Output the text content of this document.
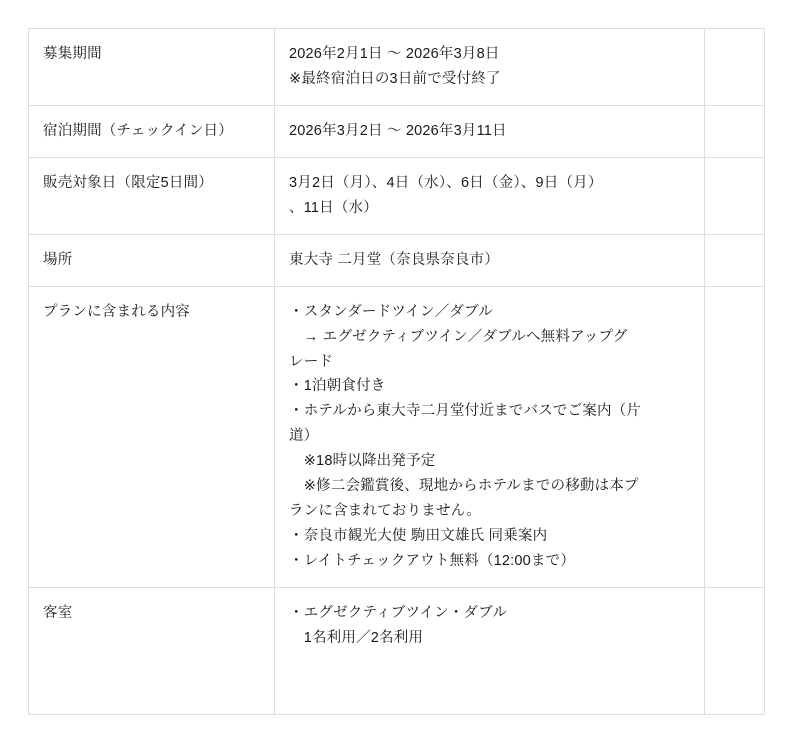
募集期間	2026年2月1日 〜 2026年3月8日
※最終宿泊日の3日前で受付終了	

宿泊期間（チェックイン日）	2026年3月2日 〜 2026年3月11日	

販売対象日（限定5日間）	3月2日（月）、4日（水）、6日（金）、9日（月）
、11日（水）	

場所	東大寺 二月堂（奈良県奈良市）	

プランに含まれる内容	・スタンダードツイン／ダブル
　→ エグゼクティブツイン／ダブルへ無料アップグ
レード
・1泊朝食付き
・ホテルから東大寺二月堂付近までバスでご案内（片
道）
　※18時以降出発予定
　※修二会鑑賞後、現地からホテルまでの移動は本プ
ランに含まれておりません。
・奈良市観光大使 駒田文雄氏 同乗案内
・レイトチェックアウト無料（12:00まで）

客室	・エグゼクティブツイン・ダブル
　1名利用／2名利用	
